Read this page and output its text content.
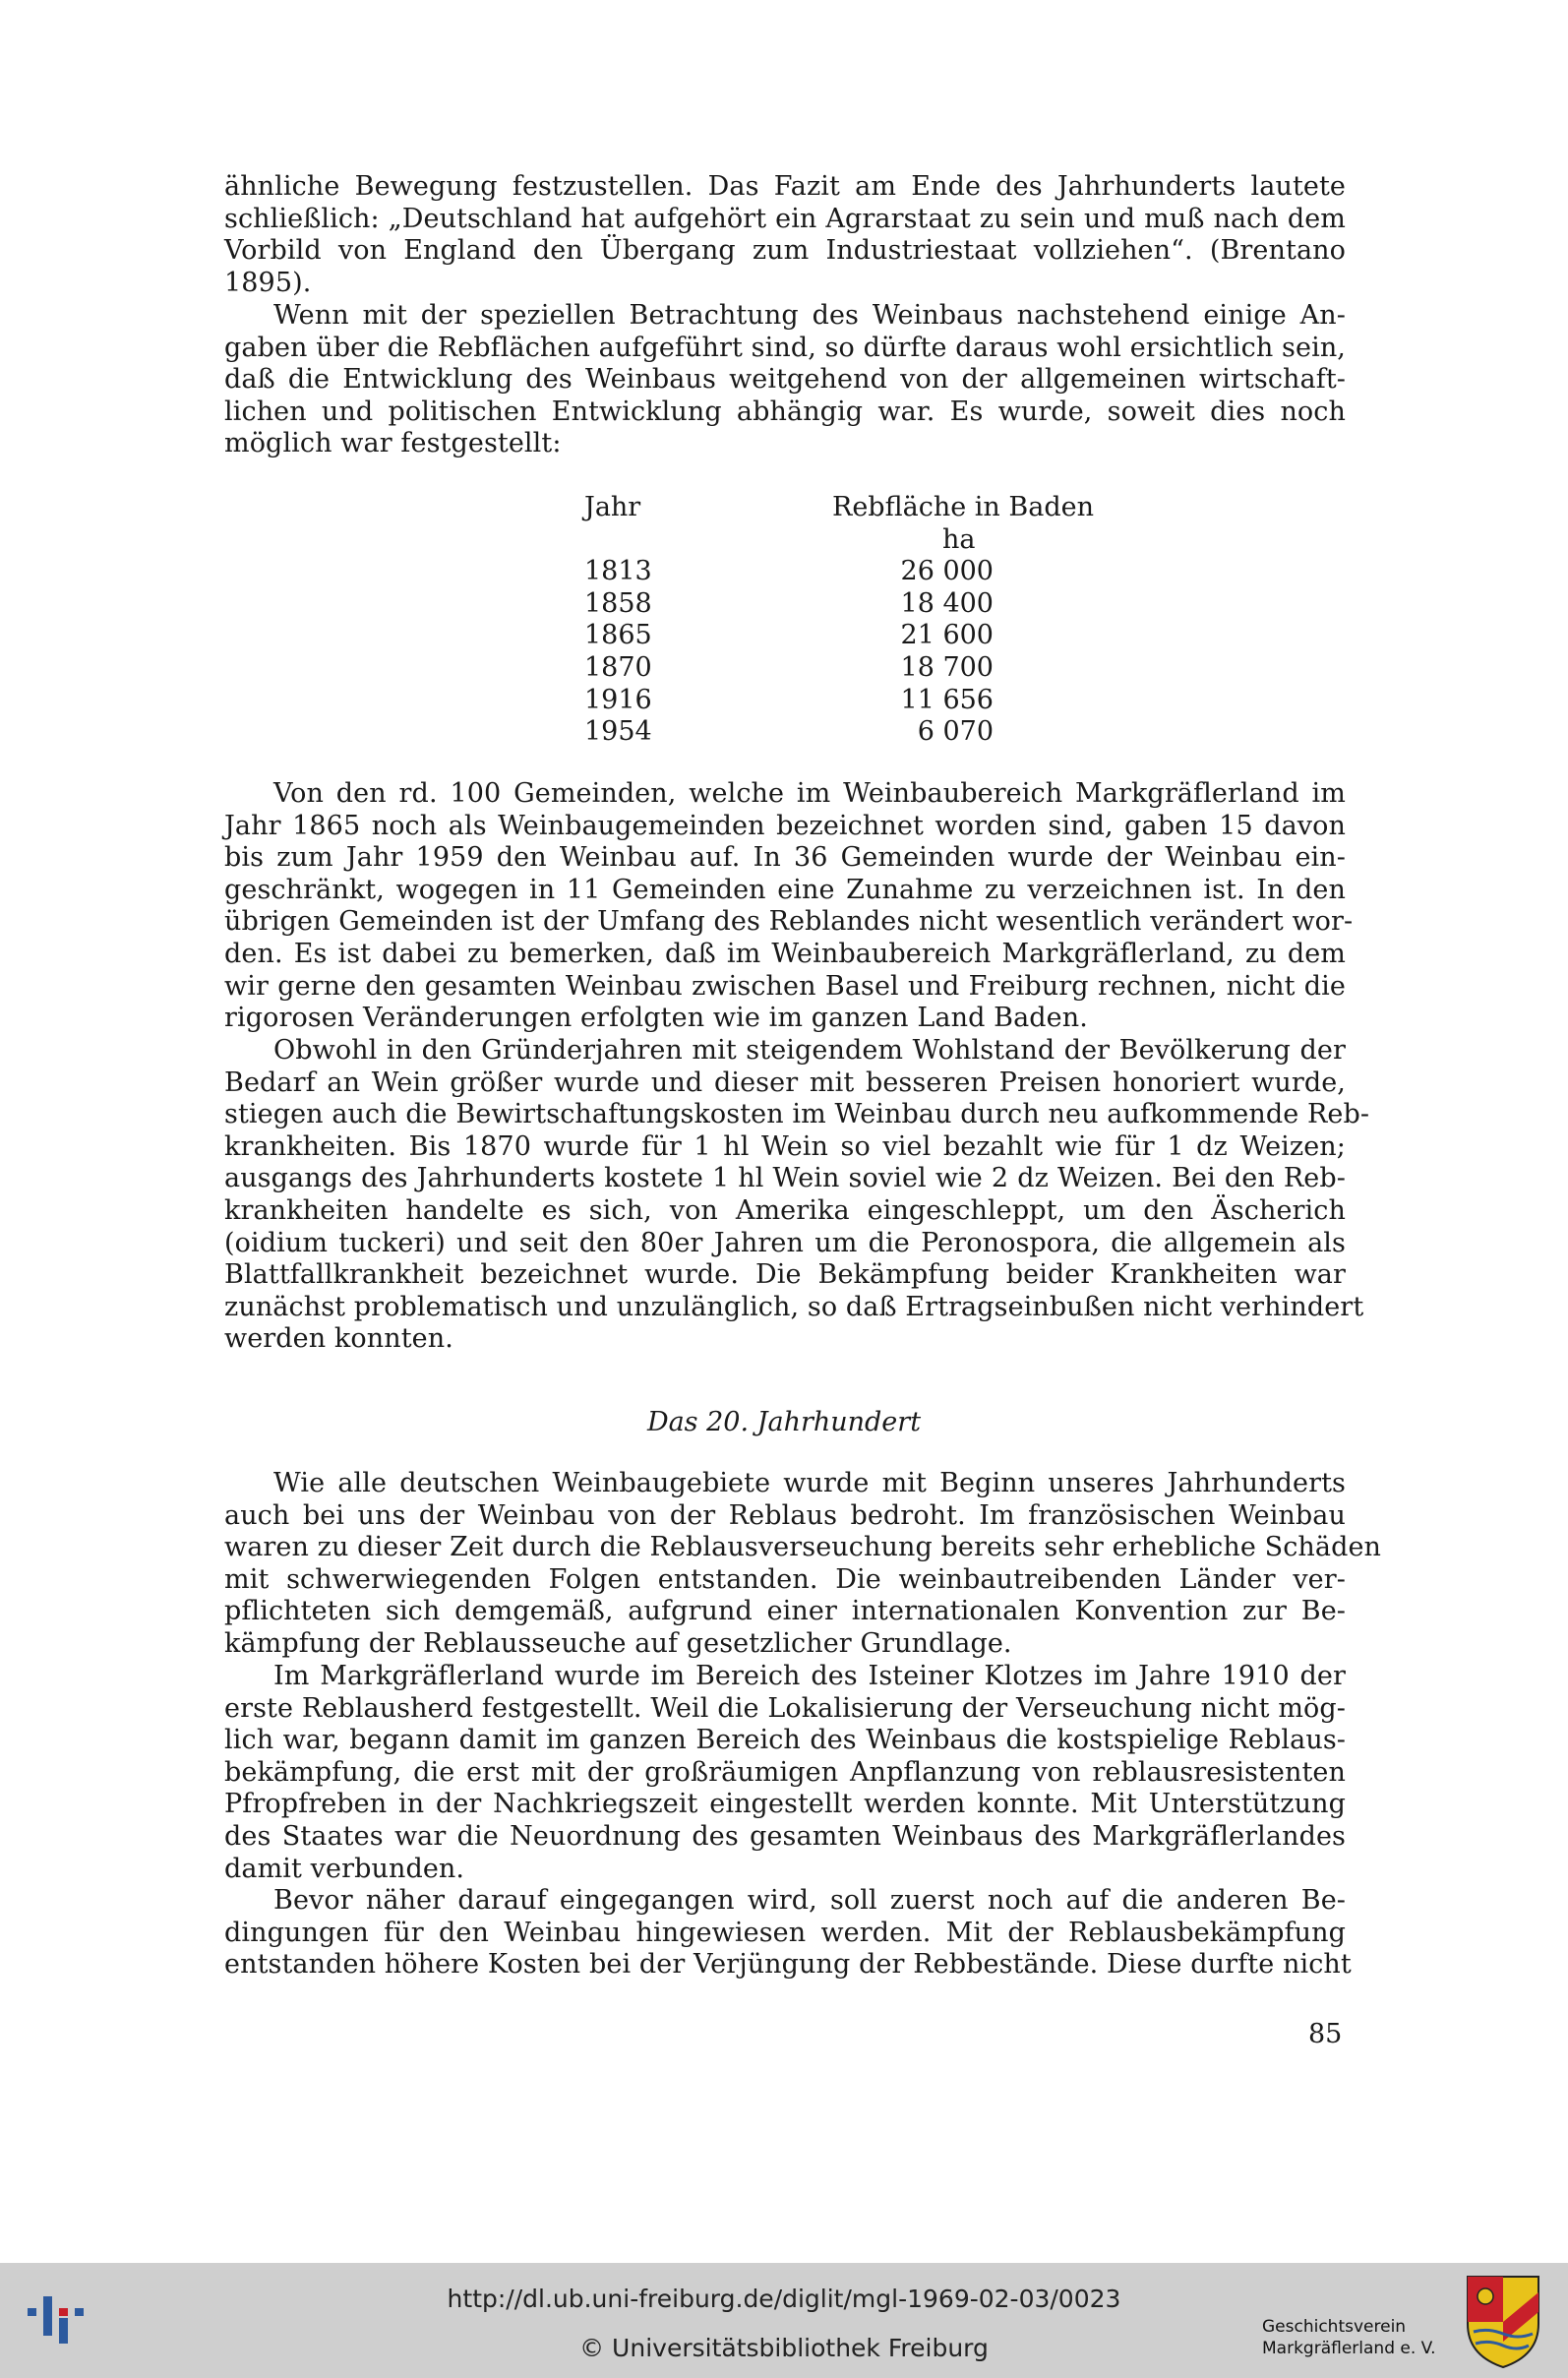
ähnliche Bewegung festzustellen. Das Fazit am Ende des Jahrhunderts lautete
schließlich: „Deutschland hat aufgehört ein Agrarstaat zu sein und muß nach dem
Vorbild von England den Übergang zum Industriestaat vollziehen“. (Brentano
1895).
Wenn mit der speziellen Betrachtung des Weinbaus nachstehend einige An-
gaben über die Rebflächen aufgeführt sind, so dürfte daraus wohl ersichtlich sein,
daß die Entwicklung des Weinbaus weitgehend von der allgemeinen wirtschaft-
lichen und politischen Entwicklung abhängig war. Es wurde, soweit dies noch
möglich war festgestellt:
Jahr	Rebfläche in Baden
ha
1813	26 000
1858	18 400
1865	21 600
1870	18 700
1916	11 656
1954	6 070
Von den rd. 100 Gemeinden, welche im Weinbaubereich Markgräflerland im
Jahr 1865 noch als Weinbaugemeinden bezeichnet worden sind, gaben 15 davon
bis zum Jahr 1959 den Weinbau auf. In 36 Gemeinden wurde der Weinbau ein-
geschränkt, wogegen in 11 Gemeinden eine Zunahme zu verzeichnen ist. In den
übrigen Gemeinden ist der Umfang des Reblandes nicht wesentlich verändert wor-
den. Es ist dabei zu bemerken, daß im Weinbaubereich Markgräflerland, zu dem
wir gerne den gesamten Weinbau zwischen Basel und Freiburg rechnen, nicht die
rigorosen Veränderungen erfolgten wie im ganzen Land Baden.
Obwohl in den Gründerjahren mit steigendem Wohlstand der Bevölkerung der
Bedarf an Wein größer wurde und dieser mit besseren Preisen honoriert wurde,
stiegen auch die Bewirtschaftungskosten im Weinbau durch neu aufkommende Reb-
krankheiten. Bis 1870 wurde für 1 hl Wein so viel bezahlt wie für 1 dz Weizen;
ausgangs des Jahrhunderts kostete 1 hl Wein soviel wie 2 dz Weizen. Bei den Reb-
krankheiten handelte es sich, von Amerika eingeschleppt, um den Äscherich
(oidium tuckeri) und seit den 80er Jahren um die Peronospora, die allgemein als
Blattfallkrankheit bezeichnet wurde. Die Bekämpfung beider Krankheiten war
zunächst problematisch und unzulänglich, so daß Ertragseinbußen nicht verhindert
werden konnten.
Das 20. Jahrhundert
Wie alle deutschen Weinbaugebiete wurde mit Beginn unseres Jahrhunderts
auch bei uns der Weinbau von der Reblaus bedroht. Im französischen Weinbau
waren zu dieser Zeit durch die Reblausverseuchung bereits sehr erhebliche Schäden
mit schwerwiegenden Folgen entstanden. Die weinbautreibenden Länder ver-
pflichteten sich demgemäß, aufgrund einer internationalen Konvention zur Be-
kämpfung der Reblausseuche auf gesetzlicher Grundlage.
Im Markgräflerland wurde im Bereich des Isteiner Klotzes im Jahre 1910 der
erste Reblausherd festgestellt. Weil die Lokalisierung der Verseuchung nicht mög-
lich war, begann damit im ganzen Bereich des Weinbaus die kostspielige Reblaus-
bekämpfung, die erst mit der großräumigen Anpflanzung von reblausresistenten
Pfropfreben in der Nachkriegszeit eingestellt werden konnte. Mit Unterstützung
des Staates war die Neuordnung des gesamten Weinbaus des Markgräflerlandes
damit verbunden.
Bevor näher darauf eingegangen wird, soll zuerst noch auf die anderen Be-
dingungen für den Weinbau hingewiesen werden. Mit der Reblausbekämpfung
entstanden höhere Kosten bei der Verjüngung der Rebbestände. Diese durfte nicht
85
http://dl.ub.uni-freiburg.de/diglit/mgl-1969-02-03/0023
© Universitätsbibliothek Freiburg
Geschichtsverein
Markgräflerland e. V.
